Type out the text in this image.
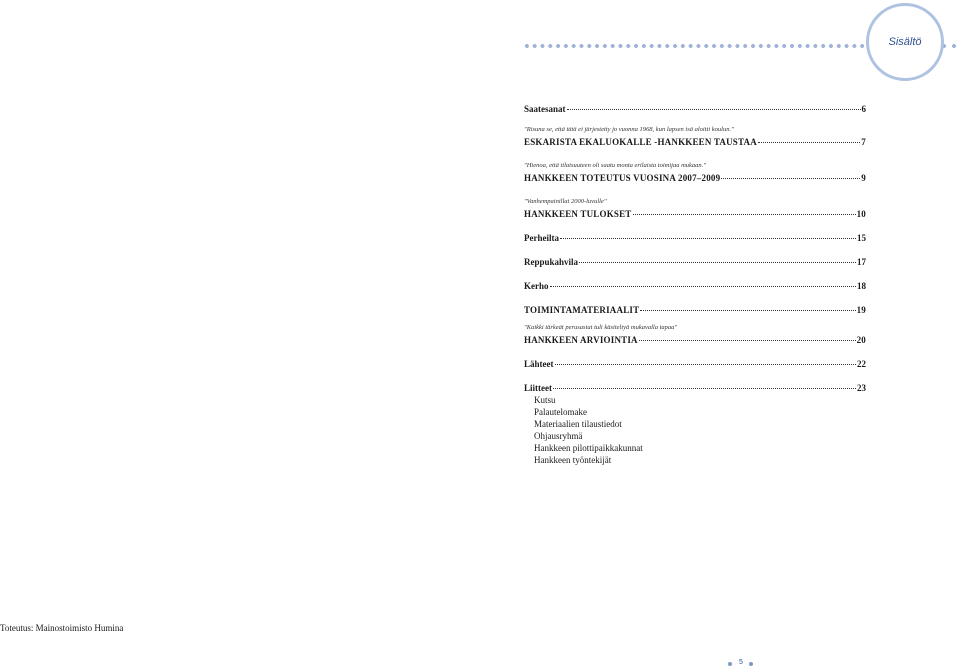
Sisältö
Saatesanat	6
"Risuna se, että tätä ei järjestetty jo vuonna 1968, kun lapsen isä aloitti koulun."
ESKARISTA EKALUOKALLE -HANKKEEN TAUSTAA	7
"Hienoa, että tilaisuuteen oli saatu monta erilaista toimijaa mukaan."
HANKKEEN TOTEUTUS VUOSINA 2007–2009	9
"Vanhempainillat 2000-luvulle"
HANKKEEN TULOKSET	10
Perheilta	15
Reppukahvila	17
Kerho	18
TOIMINTAMATERIAALIT	19
"Kaikki tärkeät perusasiat tuli käsiteltyä mukavalla tapaa"
HANKKEEN ARVIOINTIA	20
Lähteet	22
Liitteet	23
Kutsu
Palautelomake
Materiaalien tilaustiedot
Ohjausryhmä
Hankkeen pilottipaikkakunnat
Hankkeen työntekijät
Toteutus: Mainostoimisto Humina
5
